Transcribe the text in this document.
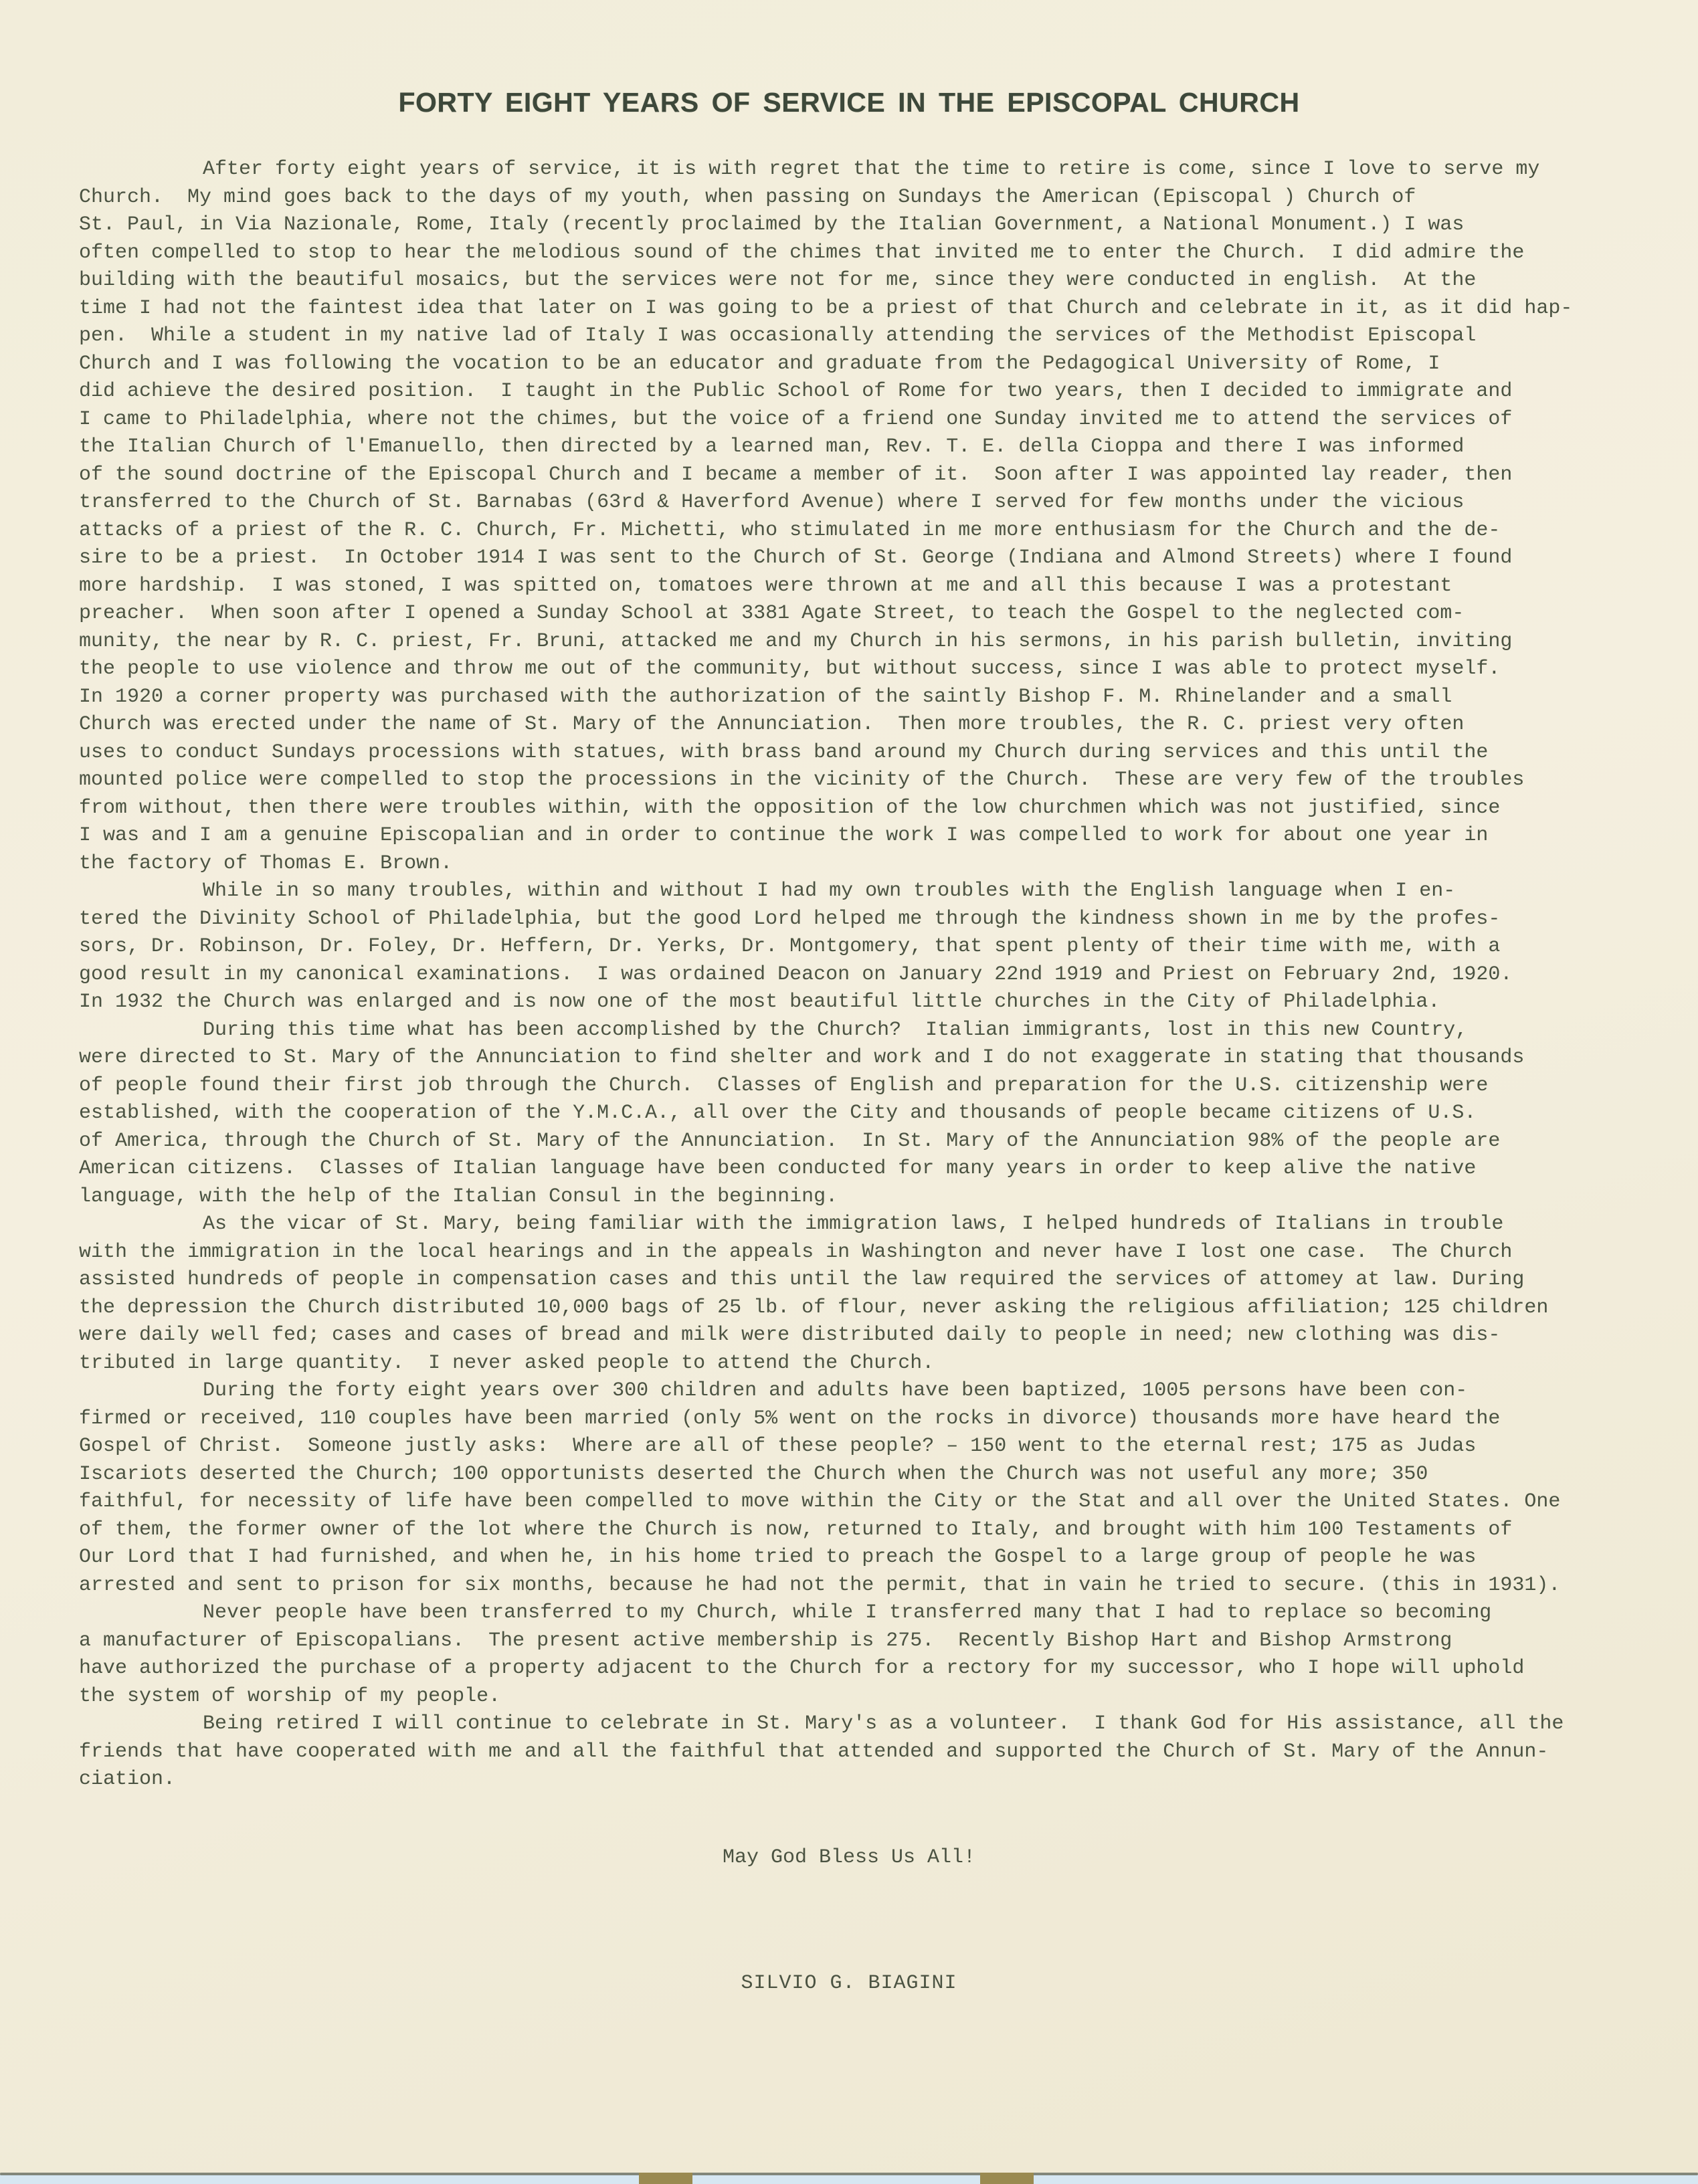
FORTY EIGHT YEARS OF SERVICE IN THE EPISCOPAL CHURCH
After forty eight years of service, it is with regret that the time to retire is come, since I love to serve my
Church.  My mind goes back to the days of my youth, when passing on Sundays the American (Episcopal ) Church of
St. Paul, in Via Nazionale, Rome, Italy (recently proclaimed by the Italian Government, a National Monument.) I was
often compelled to stop to hear the melodious sound of the chimes that invited me to enter the Church.  I did admire the
building with the beautiful mosaics, but the services were not for me, since they were conducted in english.  At the
time I had not the faintest idea that later on I was going to be a priest of that Church and celebrate in it, as it did hap-
pen.  While a student in my native lad of Italy I was occasionally attending the services of the Methodist Episcopal
Church and I was following the vocation to be an educator and graduate from the Pedagogical University of Rome, I
did achieve the desired position.  I taught in the Public School of Rome for two years, then I decided to immigrate and
I came to Philadelphia, where not the chimes, but the voice of a friend one Sunday invited me to attend the services of
the Italian Church of l'Emanuello, then directed by a learned man, Rev. T. E. della Cioppa and there I was informed
of the sound doctrine of the Episcopal Church and I became a member of it.  Soon after I was appointed lay reader, then
transferred to the Church of St. Barnabas (63rd & Haverford Avenue) where I served for few months under the vicious
attacks of a priest of the R. C. Church, Fr. Michetti, who stimulated in me more enthusiasm for the Church and the de-
sire to be a priest.  In October 1914 I was sent to the Church of St. George (Indiana and Almond Streets) where I found
more hardship.  I was stoned, I was spitted on, tomatoes were thrown at me and all this because I was a protestant
preacher.  When soon after I opened a Sunday School at 3381 Agate Street, to teach the Gospel to the neglected com-
munity, the near by R. C. priest, Fr. Bruni, attacked me and my Church in his sermons, in his parish bulletin, inviting
the people to use violence and throw me out of the community, but without success, since I was able to protect myself.
In 1920 a corner property was purchased with the authorization of the saintly Bishop F. M. Rhinelander and a small
Church was erected under the name of St. Mary of the Annunciation.  Then more troubles, the R. C. priest very often
uses to conduct Sundays processions with statues, with brass band around my Church during services and this until the
mounted police were compelled to stop the processions in the vicinity of the Church.  These are very few of the troubles
from without, then there were troubles within, with the opposition of the low churchmen which was not justified, since
I was and I am a genuine Episcopalian and in order to continue the work I was compelled to work for about one year in
the factory of Thomas E. Brown.
While in so many troubles, within and without I had my own troubles with the English language when I en-
tered the Divinity School of Philadelphia, but the good Lord helped me through the kindness shown in me by the profes-
sors, Dr. Robinson, Dr. Foley, Dr. Heffern, Dr. Yerks, Dr. Montgomery, that spent plenty of their time with me, with a
good result in my canonical examinations.  I was ordained Deacon on January 22nd 1919 and Priest on February 2nd, 1920.
In 1932 the Church was enlarged and is now one of the most beautiful little churches in the City of Philadelphia.
During this time what has been accomplished by the Church?  Italian immigrants, lost in this new Country,
were directed to St. Mary of the Annunciation to find shelter and work and I do not exaggerate in stating that thousands
of people found their first job through the Church.  Classes of English and preparation for the U.S. citizenship were
established, with the cooperation of the Y.M.C.A., all over the City and thousands of people became citizens of U.S.
of America, through the Church of St. Mary of the Annunciation.  In St. Mary of the Annunciation 98% of the people are
American citizens.  Classes of Italian language have been conducted for many years in order to keep alive the native
language, with the help of the Italian Consul in the beginning.
As the vicar of St. Mary, being familiar with the immigration laws, I helped hundreds of Italians in trouble
with the immigration in the local hearings and in the appeals in Washington and never have I lost one case.  The Church
assisted hundreds of people in compensation cases and this until the law required the services of attomey at law. During
the depression the Church distributed 10,000 bags of 25 lb. of flour, never asking the religious affiliation; 125 children
were daily well fed; cases and cases of bread and milk were distributed daily to people in need; new clothing was dis-
tributed in large quantity.  I never asked people to attend the Church.
During the forty eight years over 300 children and adults have been baptized, 1005 persons have been con-
firmed or received, 110 couples have been married (only 5% went on the rocks in divorce) thousands more have heard the
Gospel of Christ.  Someone justly asks:  Where are all of these people? – 150 went to the eternal rest; 175 as Judas
Iscariots deserted the Church; 100 opportunists deserted the Church when the Church was not useful any more; 350
faithful, for necessity of life have been compelled to move within the City or the Stat and all over the United States. One
of them, the former owner of the lot where the Church is now, returned to Italy, and brought with him 100 Testaments of
Our Lord that I had furnished, and when he, in his home tried to preach the Gospel to a large group of people he was
arrested and sent to prison for six months, because he had not the permit, that in vain he tried to secure. (this in 1931).
Never people have been transferred to my Church, while I transferred many that I had to replace so becoming
a manufacturer of Episcopalians.  The present active membership is 275.  Recently Bishop Hart and Bishop Armstrong
have authorized the purchase of a property adjacent to the Church for a rectory for my successor, who I hope will uphold
the system of worship of my people.
Being retired I will continue to celebrate in St. Mary's as a volunteer.  I thank God for His assistance, all the
friends that have cooperated with me and all the faithful that attended and supported the Church of St. Mary of the Annun-
ciation.
May God Bless Us All!
SILVIO G. BIAGINI
